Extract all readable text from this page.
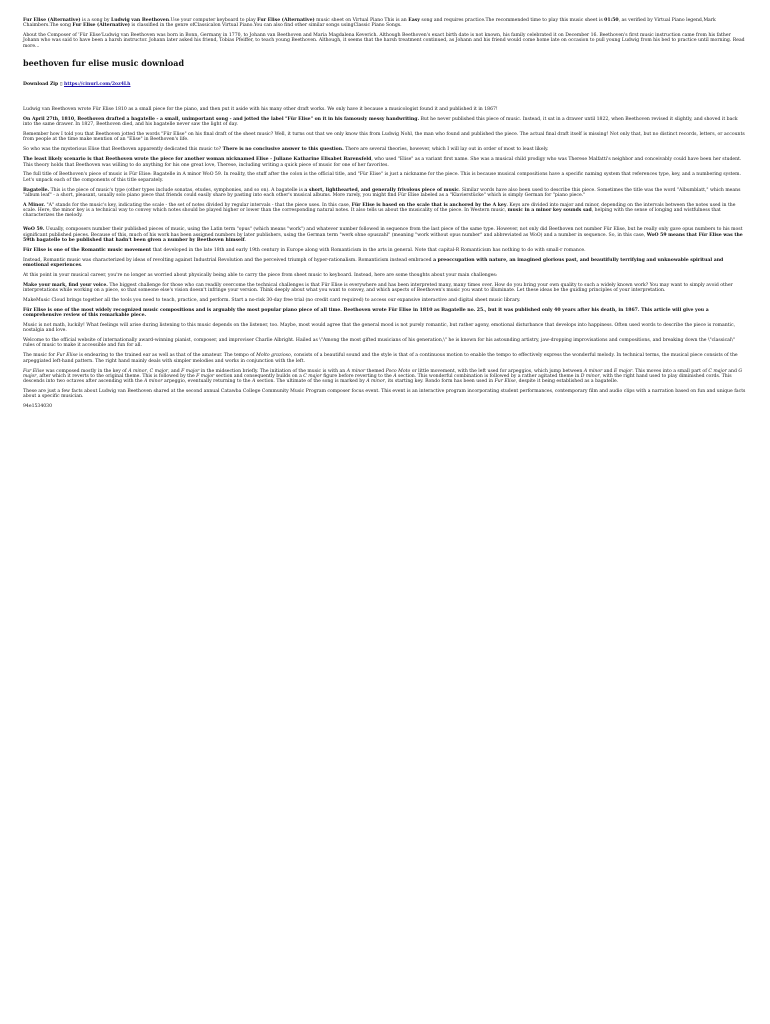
Fur Elise (Alternative) is a song by Ludwig van Beethoven.Use your computer keyboard to play Fur Elise (Alternative) music sheet on Virtual Piano This is an Easy song and requires practice.The recommended time to play this music sheet is 01:50, as verified by Virtual Piano legend,Mark Chaimbers.The song Fur Elise (Alternative) is classified in the genre ofClassicalon Virtual Piano.You can also find other similar songs usingClassic Piano Songs.

About the Composer of 'Für Elise'Ludwig van Beethoven was born in Bonn, Germany in 1770, to Johann van Beethoven and Maria Magdalena Keverich. Although Beethoven's exact birth date is not known, his family celebrated it on December 16. Beethoven's first music instruction came from his father Johann who was said to have been a harsh instructor. Johann later asked his friend, Tobias Pfeiffer, to teach young Beethoven. Although, it seems that the harsh treatment continued, as Johann and his friend would come home late on occasion to pull young Ludwig from his bed to practice until morning. Read more...

beethoven fur elise music download
Download Zip ▯ https://cinurl.com/2oz4Lh

Ludwig van Beethoven wrote Für Elise 1810 as a small piece for the piano, and then put it aside with his many other draft works. We only have it because a musicologist found it and published it in 1867!

On April 27th, 1810, Beethoven drafted a bagatelle - a small, unimportant song - and jotted the label "Für Elise" on it in his famously messy handwriting. But he never published this piece of music. Instead, it sat in a drawer until 1822, when Beethoven revised it slightly, and shoved it back into the same drawer. In 1827, Beethoven died, and his bagatelle never saw the light of day.

Remember how I told you that Beethoven jotted the words "Für Elise" on his final draft of the sheet music? Well, it turns out that we only know this from Ludwig Nohl, the man who found and published the piece. The actual final draft itself is missing! Not only that, but no distinct records, letters, or accounts from people at the time make mention of an "Elise" in Beethoven's life.

So who was the mysterious Elise that Beethoven apparently dedicated this music to? There is no conclusive answer to this question. There are several theories, however, which I will lay out in order of most to least likely.

The least likely scenario is that Beethoven wrote the piece for another woman nicknamed Elise - Juliane Katharine Elisabet Barensfeld, who used "Elise" as a variant first name. She was a musical child prodigy who was Therese Malfatti's neighbor and conceivably could have been her student. This theory holds that Beethoven was willing to do anything for his one great love, Therese, including writing a quick piece of music for one of her favorites.

The full title of Beethoven's piece of music is Für Elise: Bagatelle in A minor WoO 59. In reality, the stuff after the colon is the official title, and "Für Elise" is just a nickname for the piece. This is because musical compositions have a specific naming system that references type, key, and a numbering system. Let's unpack each of the components of this title separately.

Bagatelle. This is the piece of music's type (other types include sonatas, etudes, symphonies, and so on). A bagatelle is a short, lighthearted, and generally frivolous piece of music. Similar words have also been used to describe this piece. Sometimes the title was the word "Albumblatt," which means "album leaf" - a short, pleasant, usually solo piano piece that friends could easily share by pasting into each other's musical albums. More rarely, you might find Für Elise labeled as a "Klavierstücke" which is simply German for "piano piece."

A Minor. "A" stands for the music's key, indicating the scale - the set of notes divided by regular intervals - that the piece uses. In this case, Für Elise is based on the scale that is anchored by the A key. Keys are divided into major and minor, depending on the intervals between the notes used in the scale. Here, the minor key is a technical way to convey which notes should be played higher or lower than the corresponding natural notes. It also tells us about the musicality of the piece. In Western music, music in a minor key sounds sad, helping with the sense of longing and wistfulness that characterizes the melody.

WoO 59. Usually, composers number their published pieces of music, using the Latin term "opus" (which means "work") and whatever number followed in sequence from the last piece of the same type. However, not only did Beethoven not number Für Elise, but he really only gave opus numbers to his most significant published pieces. Because of this, much of his work has been assigned numbers by later publishers, using the German term "werk ohne opuszahl" (meaning "work without opus number" and abbreviated as WoO) and a number in sequence. So, in this case, WoO 59 means that Für Elise was the 59th bagatelle to be published that hadn't been given a number by Beethoven himself.

Für Elise is one of the Romantic music movement that developed in the late 18th and early 19th century in Europe along with Romanticism in the arts in general. Note that capital-R Romanticism has nothing to do with small-r romance.

Instead, Romantic music was characterized by ideas of revolting against Industrial Revolution and the perceived triumph of hyper-rationalism. Romanticism instead embraced a preoccupation with nature, an imagined glorious past, and beautifully terrifying and unknowable spiritual and emotional experiences.

At this point in your musical career, you're no longer as worried about physically being able to carry the piece from sheet music to keyboard. Instead, here are some thoughts about your main challenges:

Make your mark, find your voice. The biggest challenge for those who can readily overcome the technical challenges is that Für Elise is everywhere and has been interpreted many, many times over. How do you bring your own quality to such a widely known work? You may want to simply avoid other interpretations while working on a piece, so that someone else's vision doesn't infringe your version. Think deeply about what you want to convey, and which aspects of Beethoven's music you want to illuminate. Let these ideas be the guiding principles of your interpretation.

MakeMusic Cloud brings together all the tools you need to teach, practice, and perform. Start a no-risk 30-day free trial (no credit card required) to access our expansive interactive and digital sheet music library.

Für Elise is one of the most widely recognized music compositions and is arguably the most popular piano piece of all time. Beethoven wrote Für Elise in 1810 as Bagatelle no. 25., but it was published only 40 years after his death, in 1867. This article will give you a comprehensive review of this remarkable piece.

Music is not math, luckily! What feelings will arise during listening to this music depends on the listener, too. Maybe, most would agree that the general mood is not purely romantic, but rather agony, emotional disturbance that develops into happiness. Often used words to describe the piece is romantic, nostalgia and love.

Welcome to the official website of internationally award-winning pianist, composer, and improviser Charlie Albright. Hailed as \"Among the most gifted musicians of his generation,\" he is known for his astounding artistry, jaw-dropping improvisations and compositions, and breaking down the \"classical\" rules of music to make it accessible and fun for all.

The music for Fur Elise is endearing to the trained ear as well as that of the amateur. The tempo of Molto grazioso, consists of a beautiful sound and the style is that of a continuous motion to enable the tempo to effectively express the wonderful melody. In technical terms, the musical piece consists of the arpeggiated left-hand pattern. The right hand mainly deals with simpler melodies and works in conjunction with the left.

Fur Elise was composed mostly in the key of A minor, C major, and F major in the midsection briefly. The initiation of the music is with an A minor themed Poco Moto or little movement, with the left used for arpeggios, which jump between A minor and E major. This moves into a small part of C major and G major, after which it reverts to the original theme. This is followed by the F major section and consequently builds on a C major figure before reverting to the A section. This wonderful combination is followed by a rather agitated theme in D minor, with the right hand used to play diminished cords. This descends into two octaves after ascending with the A minor arpeggio, eventually returning to the A section. The ultimate of the song is marked by A minor, its starting key. Rondo form has been used in Fur Elise, despite it being established as a bagatelle.

These are just a few facts about Ludwig van Beethoven shared at the second annual Catawba College Community Music Program composer focus event. This event is an interactive program incorporating student performances, contemporary film and audio clips with a narration based on fun and unique facts about a specific musician.

94e1534030
